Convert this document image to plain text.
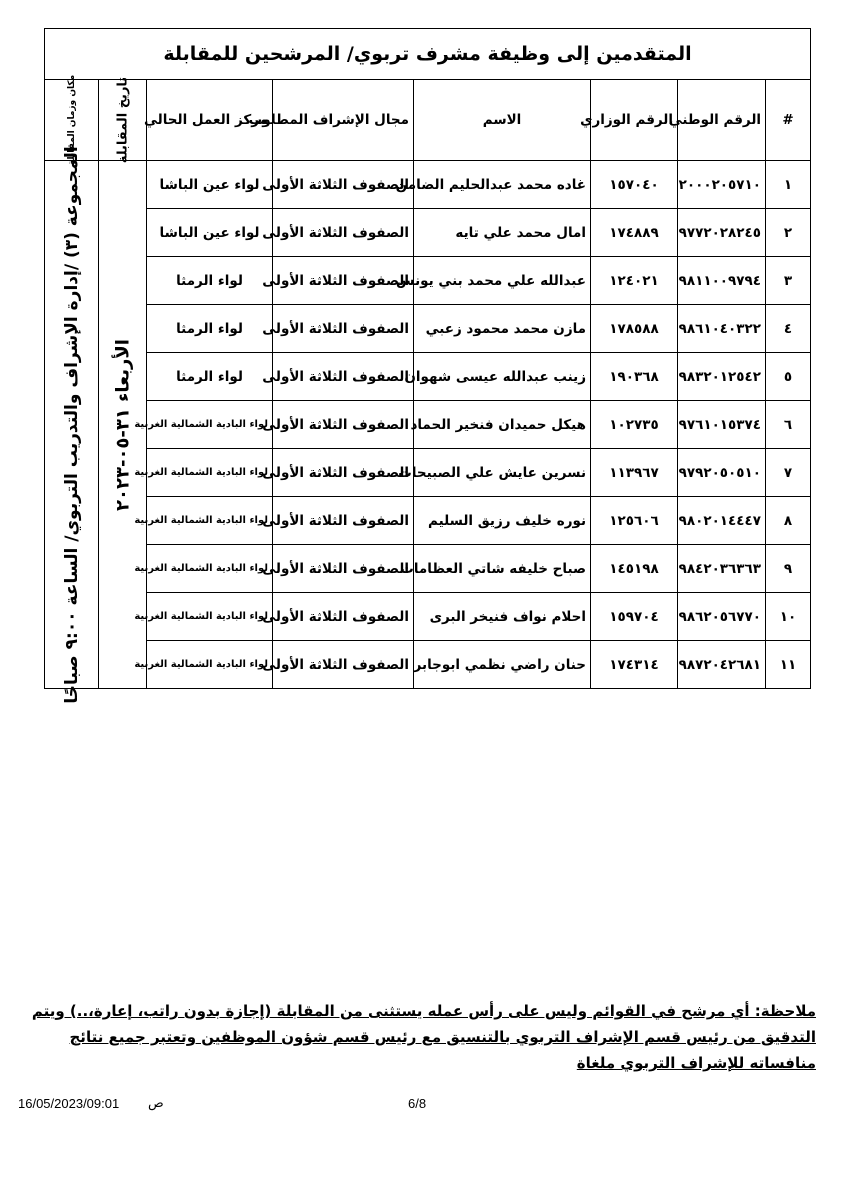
المتقدمين إلى وظيفة مشرف تربوي/ المرشحين للمقابلة							
#	الرقم الوطني	الرقم الوزاري	الاسم	مجال الإشراف المطلوب	مركز العمل الحالي	تاريخ المقابلة	مكان وزمان المقابلة

١	٢٠٠٠٢٠٥٧١٠	١٥٧٠٤٠	غاده محمد عبدالحليم الضامن	الصفوف الثلاثة الأولى	لواء عين الباشا	الأربعاء ٣١-٠٥-٢٠٢٣	المجموعة (٣) /إدارة الإشراف والتدريب التربوي/ الساعة ٩:٠٠ صباحًا

٢	٩٧٧٢٠٢٨٢٤٥	١٧٤٨٨٩	امال محمد علي تايه	الصفوف الثلاثة الأولى	لواء عين الباشا		
٣	٩٨١١٠٠٩٧٩٤	١٢٤٠٢١	عبدالله علي محمد بني يونس	الصفوف الثلاثة الأولى	لواء الرمثا		
٤	٩٨٦١٠٤٠٣٢٢	١٧٨٥٨٨	مازن محمد محمود زعبي	الصفوف الثلاثة الأولى	لواء الرمثا		
٥	٩٨٣٢٠١٢٥٤٢	١٩٠٣٦٨	زينب عبدالله عيسى شهوان	الصفوف الثلاثة الأولى	لواء الرمثا		
٦	٩٧٦١٠١٥٣٧٤	١٠٢٧٣٥	هيكل حميدان فنخير الحماد	الصفوف الثلاثة الأولى	لواء البادية الشمالية الغربية		
٧	٩٧٩٢٠٥٠٥١٠	١١٣٩٦٧	نسرين عايش علي الصبيحات	الصفوف الثلاثة الأولى	لواء البادية الشمالية الغربية		
٨	٩٨٠٢٠١٤٤٤٧	١٢٥٦٠٦	نوره خليف رزيق السليم	الصفوف الثلاثة الأولى	لواء البادية الشمالية الغربية		
٩	٩٨٤٢٠٣٦٣٦٣	١٤٥١٩٨	صباح خليفه شاتي العظامات	الصفوف الثلاثة الأولى	لواء البادية الشمالية الغربية		
١٠	٩٨٦٢٠٥٦٧٧٠	١٥٩٧٠٤	احلام نواف فنيخر البرى	الصفوف الثلاثة الأولى	لواء البادية الشمالية الغربية		
١١	٩٨٧٢٠٤٢٦٨١	١٧٤٣١٤	حنان راضي نظمي ابوجابر	الصفوف الثلاثة الأولى	لواء البادية الشمالية الغربية		
ملاحظة: أي مرشح في القوائم وليس على رأس عمله يستثنى من المقابلة (إجازة بدون راتب، إعارة،..) ويتم التدقيق من رئيس قسم الإشراف التربوي بالتنسيق مع رئيس قسم شؤون الموظفين وتعتبر جميع نتائج منافساته للإشراف التربوي ملغاة
16/05/2023/09:01 ص	6/8
